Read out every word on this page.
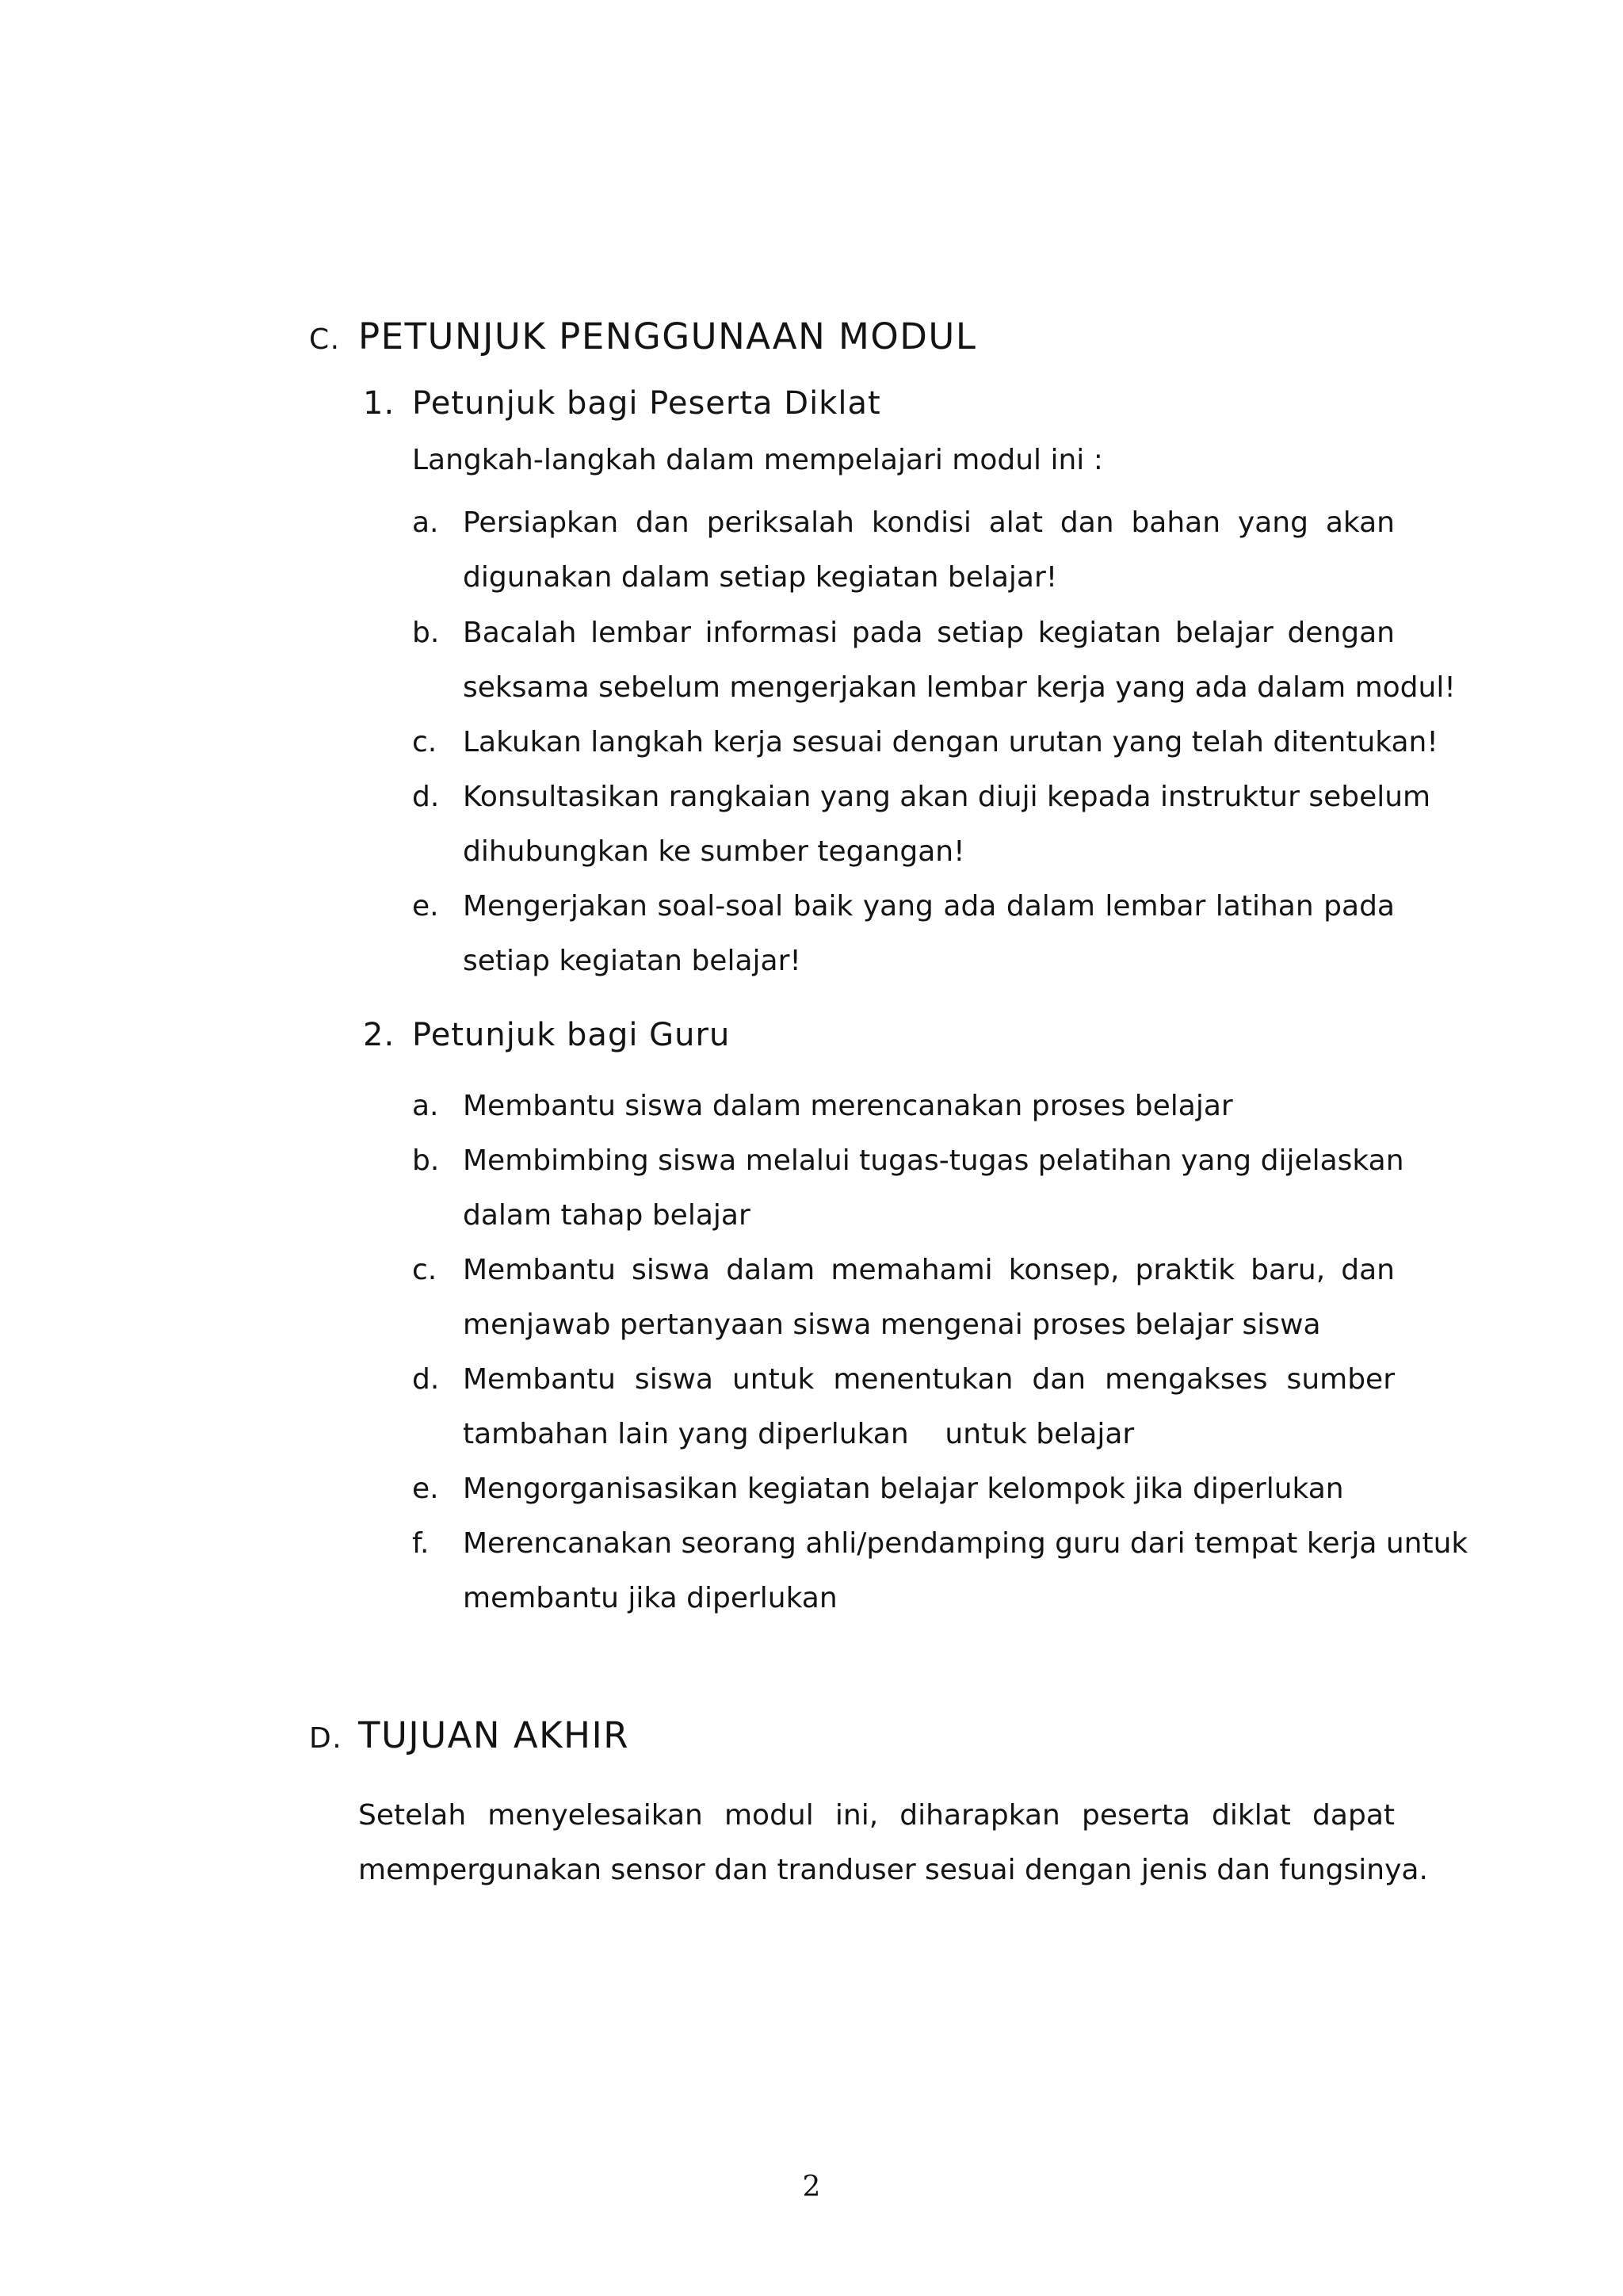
C. PETUNJUK PENGGUNAAN MODUL
1. Petunjuk bagi Peserta Diklat
Langkah-langkah dalam mempelajari modul ini :
a. Persiapkan dan periksalah kondisi alat dan bahan yang akan
digunakan dalam setiap kegiatan belajar!
b. Bacalah lembar informasi pada setiap kegiatan belajar dengan
seksama sebelum mengerjakan lembar kerja yang ada dalam modul!
c. Lakukan langkah kerja sesuai dengan urutan yang telah ditentukan!
d. Konsultasikan rangkaian yang akan diuji kepada instruktur sebelum
dihubungkan ke sumber tegangan!
e. Mengerjakan soal-soal baik yang ada dalam lembar latihan pada
setiap kegiatan belajar!
2. Petunjuk bagi Guru
a. Membantu siswa dalam merencanakan proses belajar
b. Membimbing siswa melalui tugas-tugas pelatihan yang dijelaskan
dalam tahap belajar
c. Membantu siswa dalam memahami konsep, praktik baru, dan
menjawab pertanyaan siswa mengenai proses belajar siswa
d. Membantu siswa untuk menentukan dan mengakses sumber
tambahan lain yang diperlukan    untuk belajar
e. Mengorganisasikan kegiatan belajar kelompok jika diperlukan
f. Merencanakan seorang ahli/pendamping guru dari tempat kerja untuk
membantu jika diperlukan
D. TUJUAN AKHIR
Setelah menyelesaikan modul ini, diharapkan peserta diklat dapat
mempergunakan sensor dan tranduser sesuai dengan jenis dan fungsinya.
2
